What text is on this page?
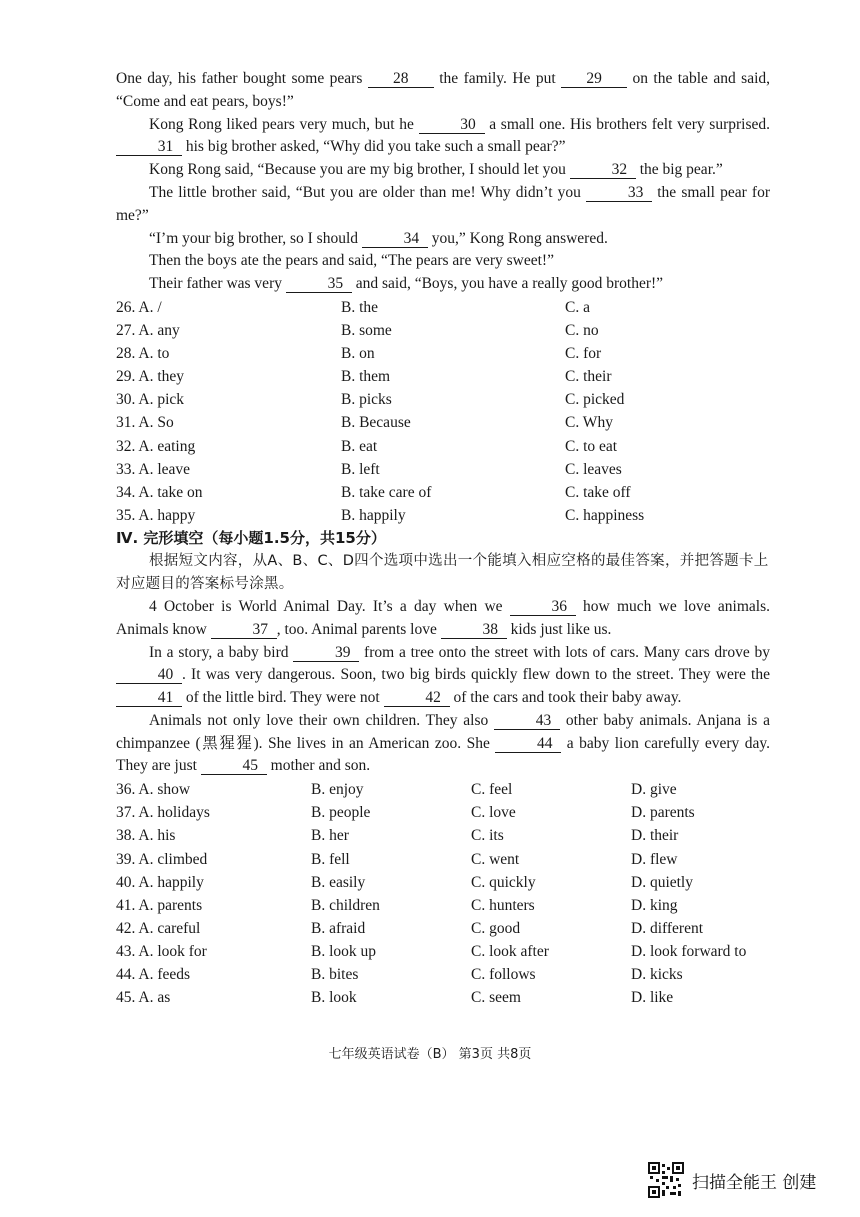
One day, his father bought some pears 28 the family. He put 29 on the table and said, “Come and eat pears, boys!”

Kong Rong liked pears very much, but he	30 a small one. His brothers felt very surprised. 31 his big brother asked, “Why did you take such a small pear?”

Kong Rong said, “Because you are my big brother, I should let you	32 the big pear.”

The little brother said, “But you are older than me! Why didn’t you	33 the small pear for me?”

“I’m your big brother, so I should	34 you,” Kong Rong answered.

Then the boys ate the pears and said, “The pears are very sweet!”

Their father was very	35 and said, “Boys, you have a really good brother!”

26. A. /	B. the	C. a
27. A. any	B. some	C. no
28. A. to	B. on	C. for
29. A. they	B. them	C. their
30. A. pick	B. picks	C. picked
31. A. So	B. Because	C. Why
32. A. eating	B. eat	C. to eat
33. A. leave	B. left	C. leaves
34. A. take on	B. take care of	C. take off
35. A. happy	B. happily	C. happiness

Ⅳ. 完形填空（每小题1.5分，共15分）

根据短文内容，从A、B、C、D四个选项中选出一个能填入相应空格的最佳答案，并把答题卡上对应题目的答案标号涂黑。

4 October is World Animal Day. It’s a day when we	36 how much we love animals. Animals know	37 , too. Animal parents love	38 kids just like us.

In a story, a baby bird	39 from a tree onto the street with lots of cars. Many cars drove by 40 . It was very dangerous. Soon, two big birds quickly flew down to the street. They were the 41 of the little bird. They were not	42 of the cars and took their baby away.

Animals not only love their own children. They also	43 other baby animals. Anjana is a chimpanzee (黑猩猩). She lives in an American zoo. She	44 a baby lion carefully every day. They are just	45 mother and son.

36. A. show	B. enjoy	C. feel	D. give
37. A. holidays	B. people	C. love	D. parents
38. A. his	B. her	C. its	D. their
39. A. climbed	B. fell	C. went	D. flew
40. A. happily	B. easily	C. quickly	D. quietly
41. A. parents	B. children	C. hunters	D. king
42. A. careful	B. afraid	C. good	D. different
43. A. look for	B. look up	C. look after	D. look forward to
44. A. feeds	B. bites	C. follows	D. kicks
45. A. as	B. look	C. seem	D. like
七年级英语试卷（B） 第3页 共8页
扫描全能王 创建
